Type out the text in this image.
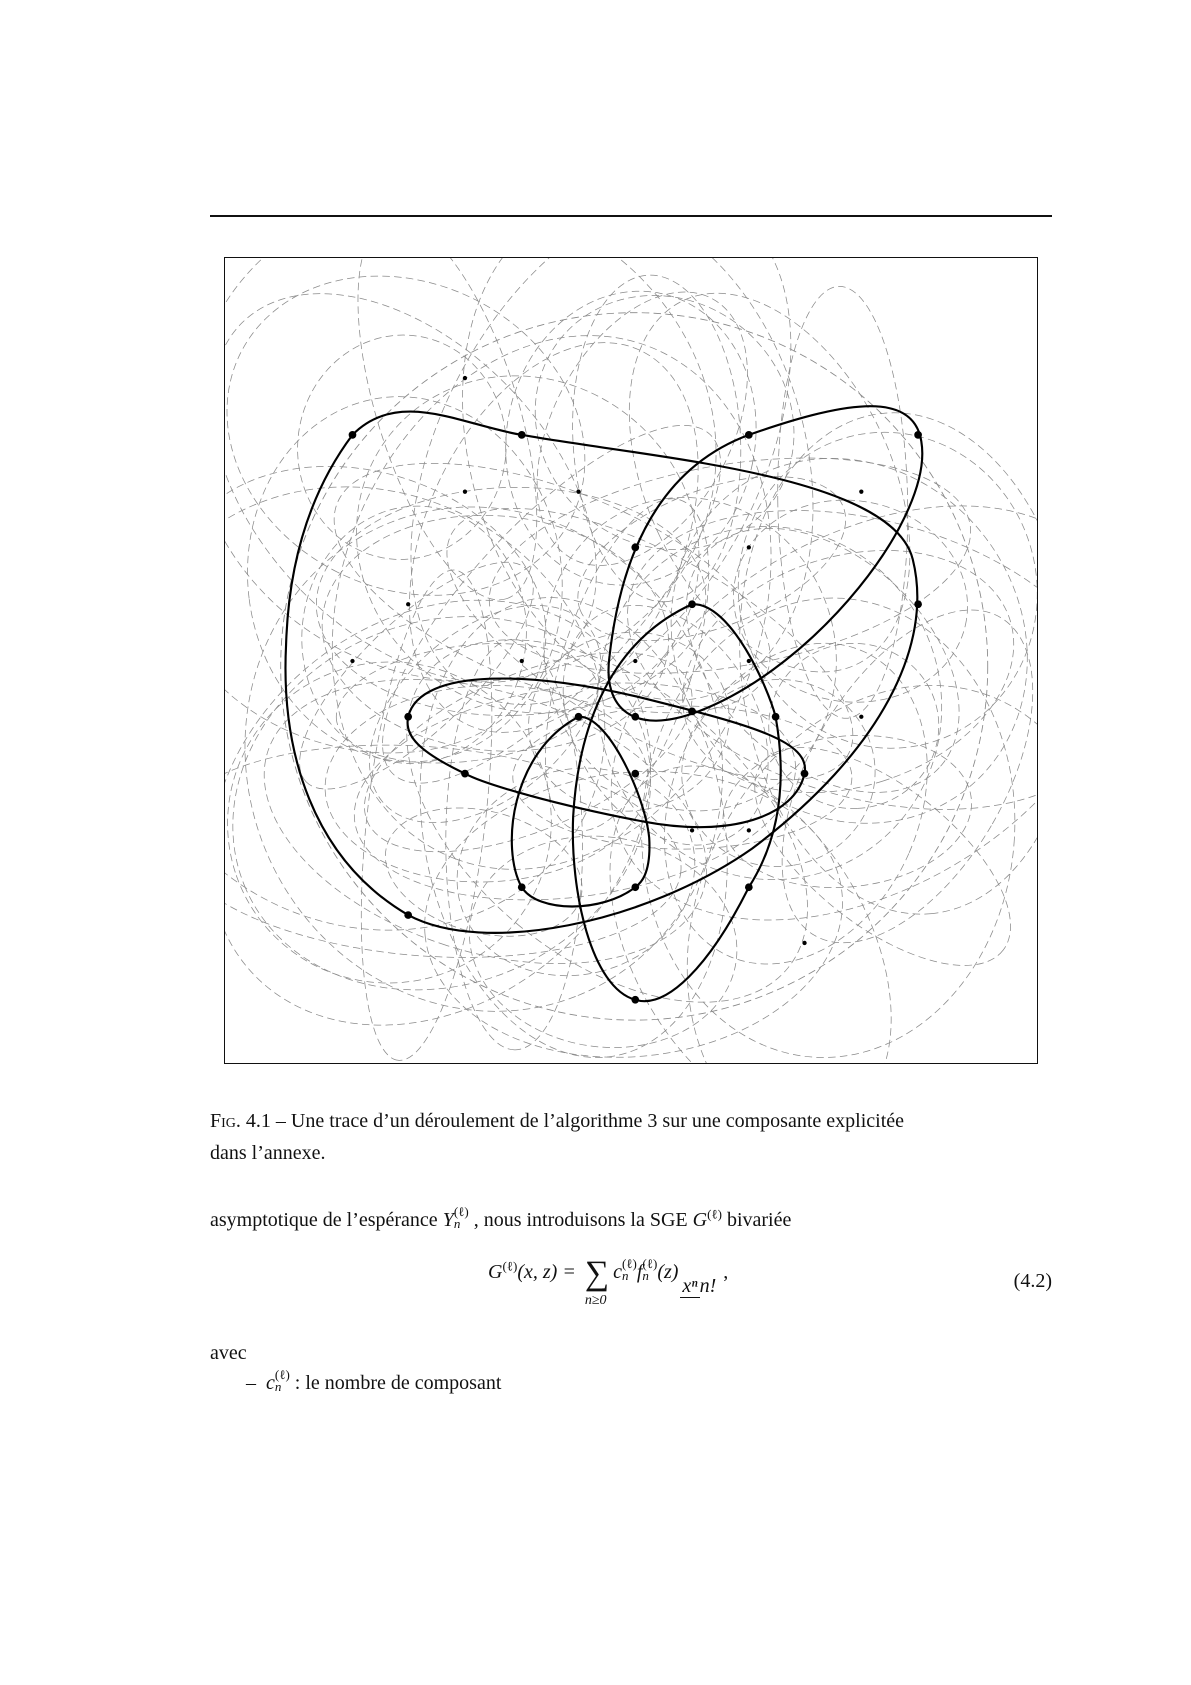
Fig. 4.1 – Une trace d’un déroulement de l’algorithme 3 sur une composante explicitée
dans l’annexe.
asymptotique de l’espérance Y (ℓ)
n , nous introduisons la SGE $G^{(\ell)}$ bivariée
$G^{(\ell)}(x$, z) = ∑
n≥0
c (ℓ)
n f (ℓ)
n (z)xⁿ n! ,	(4.2)
avec
– c (ℓ)
n : le nombre de composant
